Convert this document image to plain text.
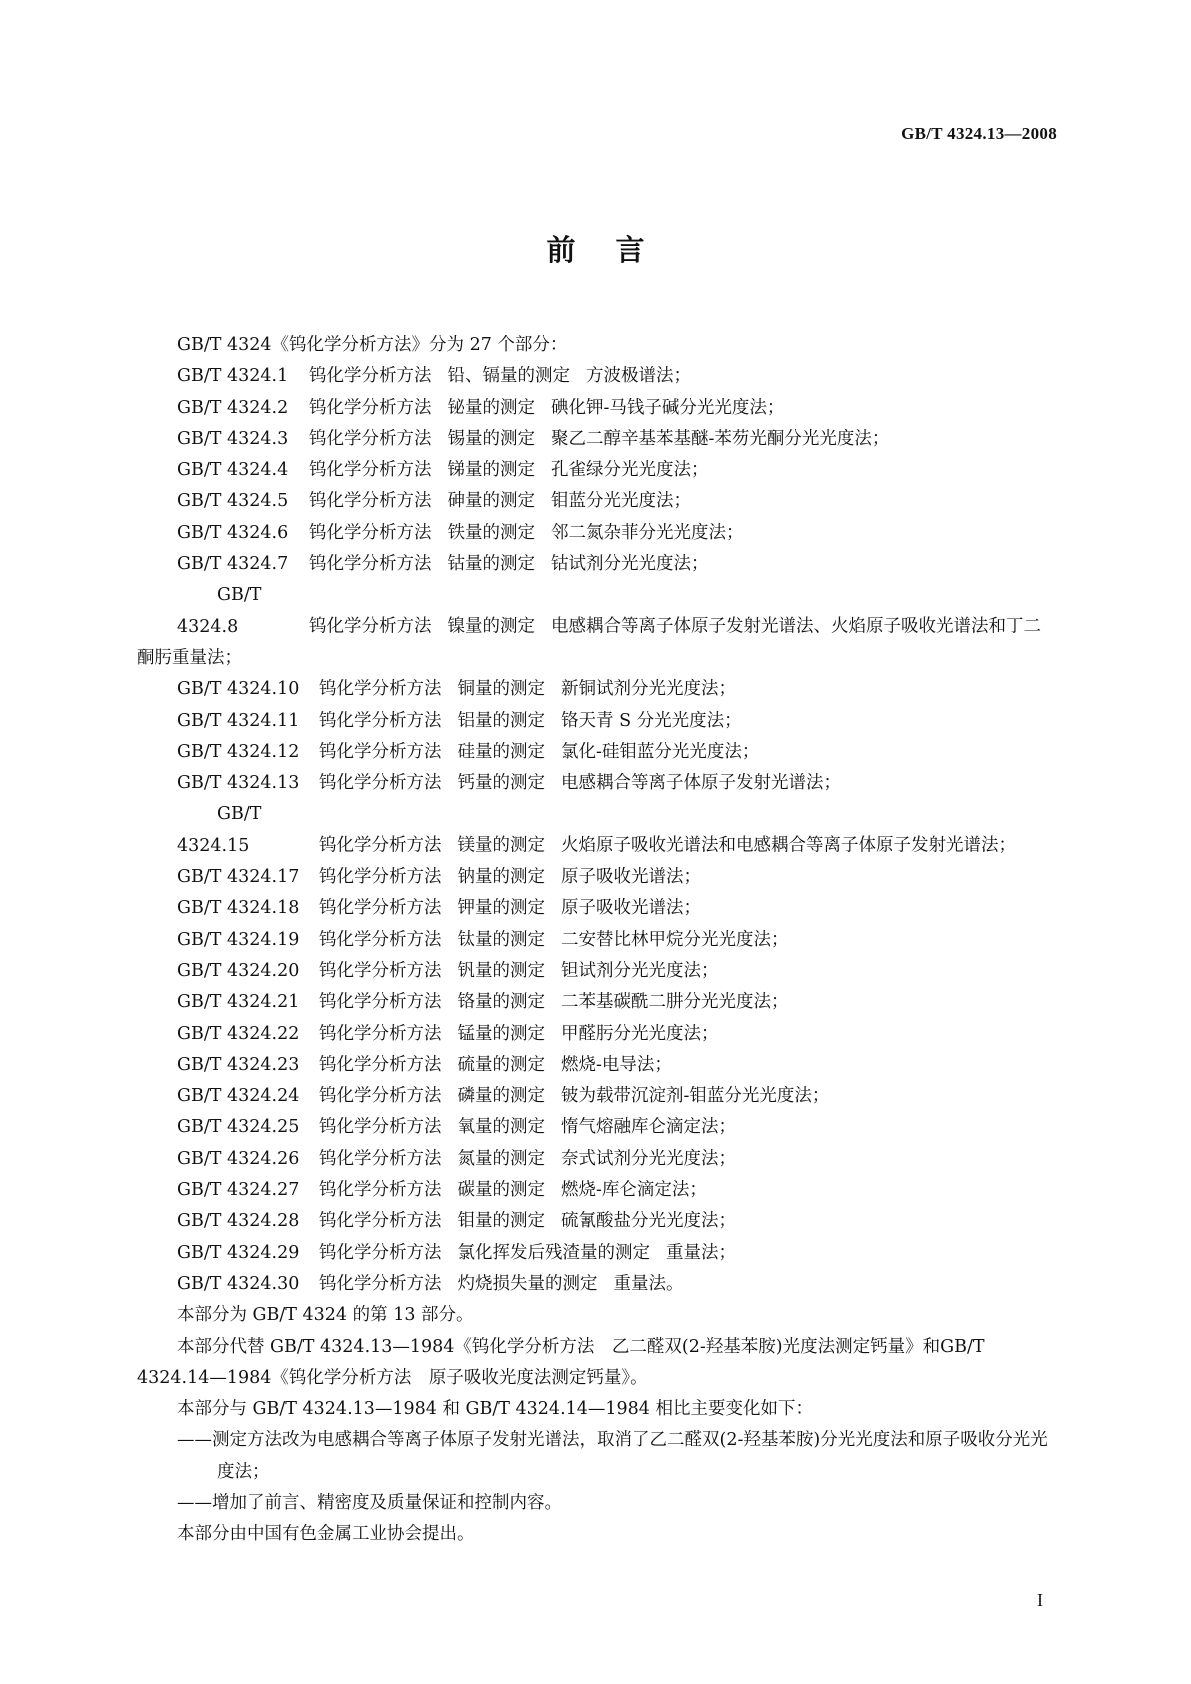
GB/T 4324.13—2008
前言

GB/T 4324《钨化学分析方法》分为 27 个部分：

GB/T 4324.1 钨化学分析方法 铅、镉量的测定 方波极谱法；

GB/T 4324.2 钨化学分析方法 铋量的测定 碘化钾-马钱子碱分光光度法；

GB/T 4324.3 钨化学分析方法 锡量的测定 聚乙二醇辛基苯基醚-苯芴光酮分光光度法；

GB/T 4324.4 钨化学分析方法 锑量的测定 孔雀绿分光光度法；

GB/T 4324.5 钨化学分析方法 砷量的测定 钼蓝分光光度法；

GB/T 4324.6 钨化学分析方法 铁量的测定 邻二氮杂菲分光光度法；

GB/T 4324.7 钨化学分析方法 钴量的测定 钴试剂分光光度法；

GB/T 4324.8	钨化学分析方法 镍量的测定 电感耦合等离子体原子发射光谱法、火焰原子吸收光谱法和丁二酮肟重量法；

GB/T 4324.10 钨化学分析方法 铜量的测定 新铜试剂分光光度法；

GB/T 4324.11 钨化学分析方法 铝量的测定 铬天青 S 分光光度法；

GB/T 4324.12 钨化学分析方法 硅量的测定 氯化-硅钼蓝分光光度法；

GB/T 4324.13 钨化学分析方法 钙量的测定 电感耦合等离子体原子发射光谱法；

GB/T 4324.15	钨化学分析方法 镁量的测定 火焰原子吸收光谱法和电感耦合等离子体原子发射光谱法；

GB/T 4324.17 钨化学分析方法 钠量的测定 原子吸收光谱法；

GB/T 4324.18 钨化学分析方法 钾量的测定 原子吸收光谱法；

GB/T 4324.19 钨化学分析方法 钛量的测定 二安替比林甲烷分光光度法；

GB/T 4324.20 钨化学分析方法 钒量的测定 钽试剂分光光度法；

GB/T 4324.21 钨化学分析方法 铬量的测定 二苯基碳酰二肼分光光度法；

GB/T 4324.22 钨化学分析方法 锰量的测定 甲醛肟分光光度法；

GB/T 4324.23 钨化学分析方法 硫量的测定 燃烧-电导法；

GB/T 4324.24 钨化学分析方法 磷量的测定 铍为载带沉淀剂-钼蓝分光光度法；

GB/T 4324.25 钨化学分析方法 氧量的测定 惰气熔融库仑滴定法；

GB/T 4324.26 钨化学分析方法 氮量的测定 奈式试剂分光光度法；

GB/T 4324.27 钨化学分析方法 碳量的测定 燃烧-库仑滴定法；

GB/T 4324.28 钨化学分析方法 钼量的测定 硫氰酸盐分光光度法；

GB/T 4324.29 钨化学分析方法 氯化挥发后残渣量的测定 重量法；

GB/T 4324.30 钨化学分析方法 灼烧损失量的测定 重量法。

本部分为 GB/T 4324 的第 13 部分。

本部分代替 GB/T 4324.13—1984《钨化学分析方法　乙二醛双(2-羟基苯胺)光度法测定钙量》和GB/T 4324.14—1984《钨化学分析方法　原子吸收光度法测定钙量》。

本部分与 GB/T 4324.13—1984 和 GB/T 4324.14—1984 相比主要变化如下：

——测定方法改为电感耦合等离子体原子发射光谱法，取消了乙二醛双(2-羟基苯胺)分光光度法和原子吸收分光光度法；

——增加了前言、精密度及质量保证和控制内容。

本部分由中国有色金属工业协会提出。

I
